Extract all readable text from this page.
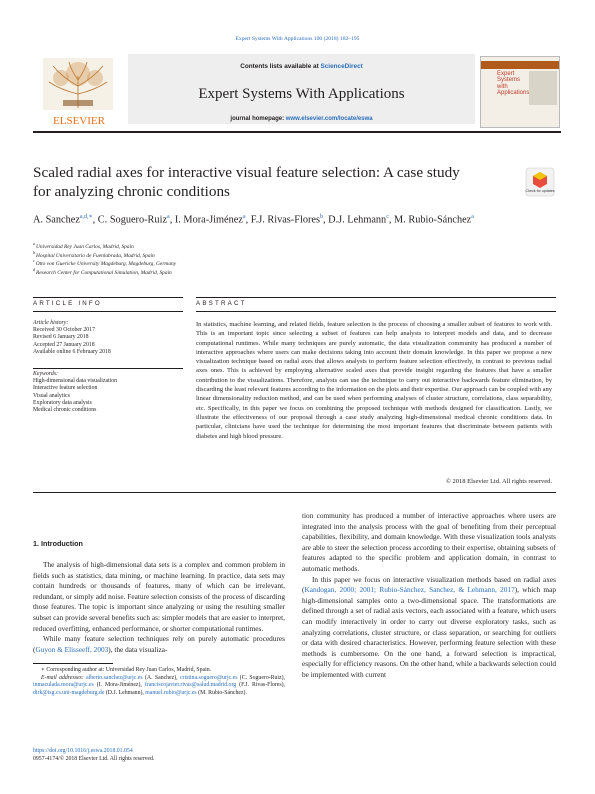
Expert Systems With Applications 100 (2018) 182–195
ELSEVIER
Contents lists available at ScienceDirect
Expert Systems With Applications
journal homepage: www.elsevier.com/locate/eswa
Expert Systems with Applications
Scaled radial axes for interactive visual feature selection: A case study for analyzing chronic conditions	Check for updates
A. Sanchez$^{a,d,∗}$, C. Soguero-Ruiz$^a$, I. Mora-Jiménez$^a$, F.J. Rivas-Flores$^b$, D.J. Lehmann$^c$, M. Rubio-Sánchez$^a$
$^a$ Universidad Rey Juan Carlos, Madrid, Spain
$^b$ Hospital Universitario de Fuenlabrada, Madrid, Spain
$^c$ Otto von Guericke University Magdeburg, Magdeburg, Germany
$^d$ Research Center for Computational Simulation, Madrid, Spain
ARTICLE INFO	ABSTRACT
Article history:
Received 30 October 2017
Revised 6 January 2018
Accepted 27 January 2018
Available online 6 February 2018
Keywords:
High-dimensional data visualization
Interactive feature selection
Visual analytics
Exploratory data analysis
Medical chronic conditions
In statistics, machine learning, and related fields, feature selection is the process of choosing a smaller subset of features to work with. This is an important topic since selecting a subset of features can help analysts to interpret models and data, and to decrease computational runtimes. While many techniques are purely automatic, the data visualization community has produced a number of interactive approaches where users can make decisions taking into account their domain knowledge. In this paper we propose a new visualization technique based on radial axes that allows analysts to perform feature selection effectively, in contrast to previous radial axes ones. This is achieved by employing alternative scaled axes that provide insight regarding the features that have a smaller contribution to the visualizations. Therefore, analysts can use the technique to carry out interactive backwards feature elimination, by discarding the least relevant features according to the information on the plots and their expertise. Our approach can be coupled with any linear dimensionality reduction method, and can be used when performing analyses of cluster structure, correlations, class separability, etc. Specifically, in this paper we focus on combining the proposed technique with methods designed for classification. Lastly, we illustrate the effectiveness of our proposal through a case study analyzing high-dimensional medical chronic conditions data. In particular, clinicians have used the technique for determining the most important features that discriminate between patients with diabetes and high blood pressure.
© 2018 Elsevier Ltd. All rights reserved.
1. Introduction

The analysis of high-dimensional data sets is a complex and common problem in fields such as statistics, data mining, or machine learning. In practice, data sets may contain hundreds or thousands of features, many of which can be irrelevant, redundant, or simply add noise. Feature selection consists of the process of discarding those features. The topic is important since analyzing or using the resulting smaller subset can provide several benefits such as: simpler models that are easier to interpret, reduced overfitting, enhanced performance, or shorter computational runtimes.

While many feature selection techniques rely on purely automatic procedures (Guyon & Elisseeff, 2003), the data visualiza-

tion community has produced a number of interactive approaches where users are integrated into the analysis process with the goal of benefiting from their perceptual capabilities, flexibility, and domain knowledge. With these visualization tools analysts are able to steer the selection process according to their expertise, obtaining subsets of features adapted to the specific problem and application domain, in contrast to automatic methods.

In this paper we focus on interactive visualization methods based on radial axes (Kandogan, 2000; 2001; Rubio-Sánchez, Sanchez, & Lehmann, 2017), which map high-dimensional samples onto a two-dimensional space. The transformations are defined through a set of radial axis vectors, each associated with a feature, which users can modify interactively in order to carry out diverse exploratory tasks, such as analyzing correlations, cluster structure, or class separation, or searching for outliers or data with desired characteristics. However, performing feature selection with these methods is cumbersome. On the one hand, a forward selection is impractical, especially for efficiency reasons. On the other hand, while a backwards selection could be implemented with current

∗ Corresponding author at: Universidad Rey Juan Carlos, Madrid, Spain.
E-mail addresses: alberto.sanchez@urjc.es (A. Sanchez), cristina.soguero@urjc.es (C. Soguero-Ruiz), inmaculada.mora@urjc.es (I. Mora-Jiménez), franciscojavier.rivas@salud.madrid.org (F.J. Rivas-Flores), dirk@isg.cs.uni-magdeburg.de (D.J. Lehmann), manuel.rubio@urjc.es (M. Rubio-Sánchez).
https://doi.org/10.1016/j.eswa.2018.01.054
0957-4174/© 2018 Elsevier Ltd. All rights reserved.
